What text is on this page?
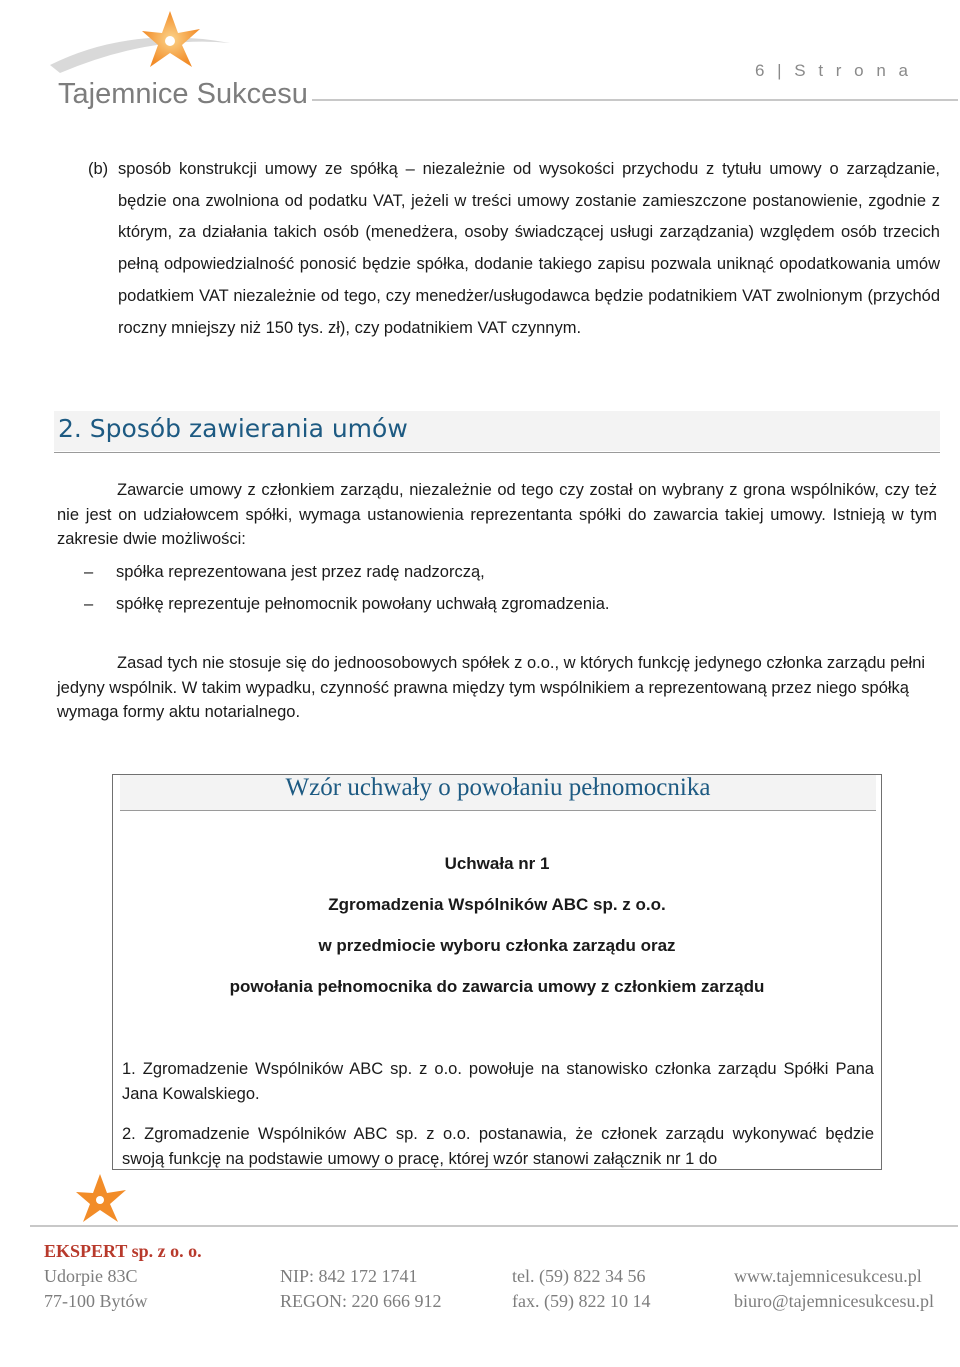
Tajemnice Sukcesu
6 | S t r o n a
(b) sposób konstrukcji umowy ze spółką – niezależnie od wysokości przychodu z tytułu umowy o zarządzanie, będzie ona zwolniona od podatku VAT, jeżeli w treści umowy zostanie zamieszczone postanowienie, zgodnie z którym, za działania takich osób (menedżera, osoby świadczącej usługi zarządzania) względem osób trzecich pełną odpowiedzialność ponosić będzie spółka, dodanie takiego zapisu pozwala uniknąć opodatkowania umów podatkiem VAT niezależnie od tego, czy menedżer/usługodawca będzie podatnikiem VAT zwolnionym (przychód roczny mniejszy niż 150 tys. zł), czy podatnikiem VAT czynnym.
2. Sposób zawierania umów
Zawarcie umowy z członkiem zarządu, niezależnie od tego czy został on wybrany z grona wspólników, czy też nie jest on udziałowcem spółki, wymaga ustanowienia reprezentanta spółki do zawarcia takiej umowy. Istnieją w tym zakresie dwie możliwości:
– spółka reprezentowana jest przez radę nadzorczą,
– spółkę reprezentuje pełnomocnik powołany uchwałą zgromadzenia.
Zasad tych nie stosuje się do jednoosobowych spółek z o.o., w których funkcję jedynego członka zarządu pełni jedyny wspólnik. W takim wypadku, czynność prawna między tym wspólnikiem a reprezentowaną przez niego spółką wymaga formy aktu notarialnego.
Wzór uchwały o powołaniu pełnomocnika
Uchwała nr 1
Zgromadzenia Wspólników ABC sp. z o.o.
w przedmiocie wyboru członka zarządu oraz
powołania pełnomocnika do zawarcia umowy z członkiem zarządu
1. Zgromadzenie Wspólników ABC sp. z o.o. powołuje na stanowisko członka zarządu Spółki Pana Jana Kowalskiego.
2. Zgromadzenie Wspólników ABC sp. z o.o. postanawia, że członek zarządu wykonywać będzie swoją funkcję na podstawie umowy o pracę, której wzór stanowi załącznik nr 1 do
EKSPERT sp. z o. o.
Udorpie 83C
77-100 Bytów
NIP: 842 172 1741
REGON: 220 666 912
tel. (59) 822 34 56
fax. (59) 822 10 14
www.tajemnicesukcesu.pl
biuro@tajemnicesukcesu.pl
